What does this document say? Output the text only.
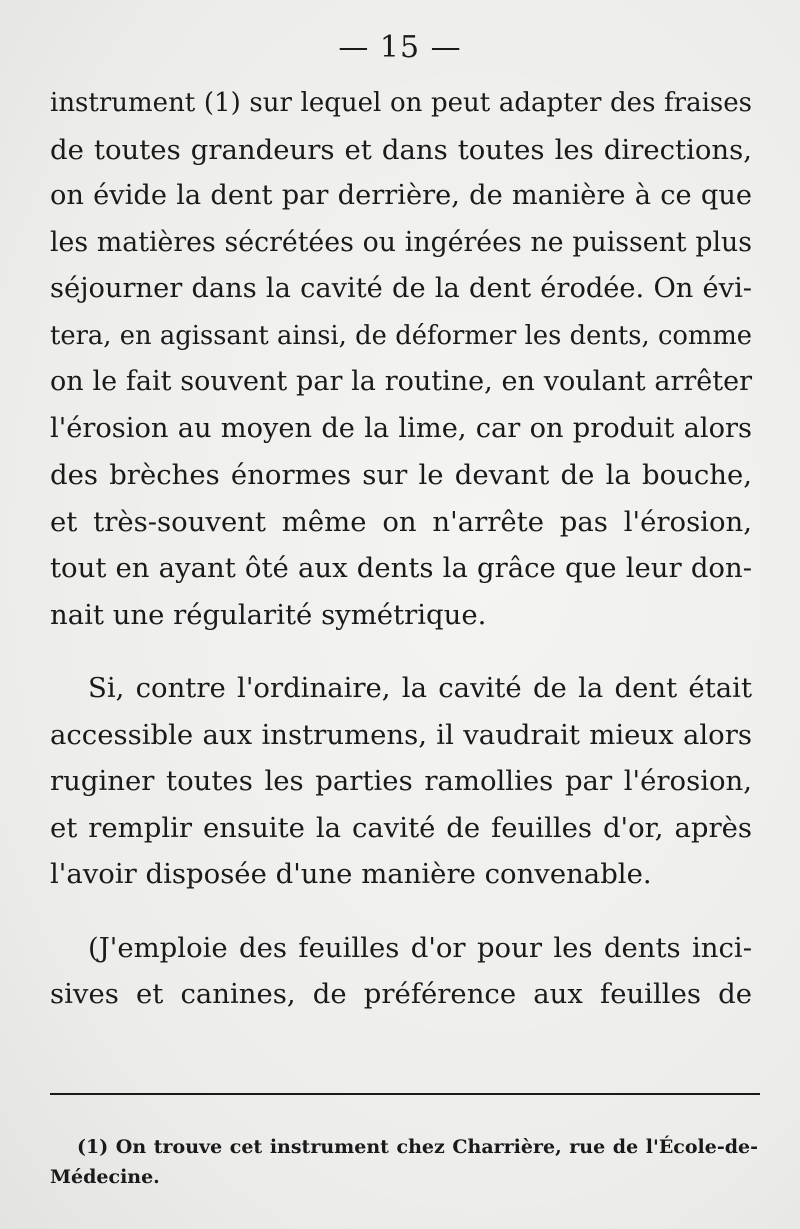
— 15 —
instrument (1) sur lequel on peut adapter des fraises
de toutes grandeurs et dans toutes les directions,
on évide la dent par derrière, de manière à ce que
les matières sécrétées ou ingérées ne puissent plus
séjourner dans la cavité de la dent érodée. On évi-
tera, en agissant ainsi, de déformer les dents, comme
on le fait souvent par la routine, en voulant arrêter
l'érosion au moyen de la lime, car on produit alors
des brèches énormes sur le devant de la bouche,
et très-souvent même on n'arrête pas l'érosion,
tout en ayant ôté aux dents la grâce que leur don-
nait une régularité symétrique.
Si, contre l'ordinaire, la cavité de la dent était
accessible aux instrumens, il vaudrait mieux alors
ruginer toutes les parties ramollies par l'érosion,
et remplir ensuite la cavité de feuilles d'or, après
l'avoir disposée d'une manière convenable.
(J'emploie des feuilles d'or pour les dents inci-
sives et canines, de préférence aux feuilles de
(1) On trouve cet instrument chez Charrière, rue de l'École-de-
Médecine.
